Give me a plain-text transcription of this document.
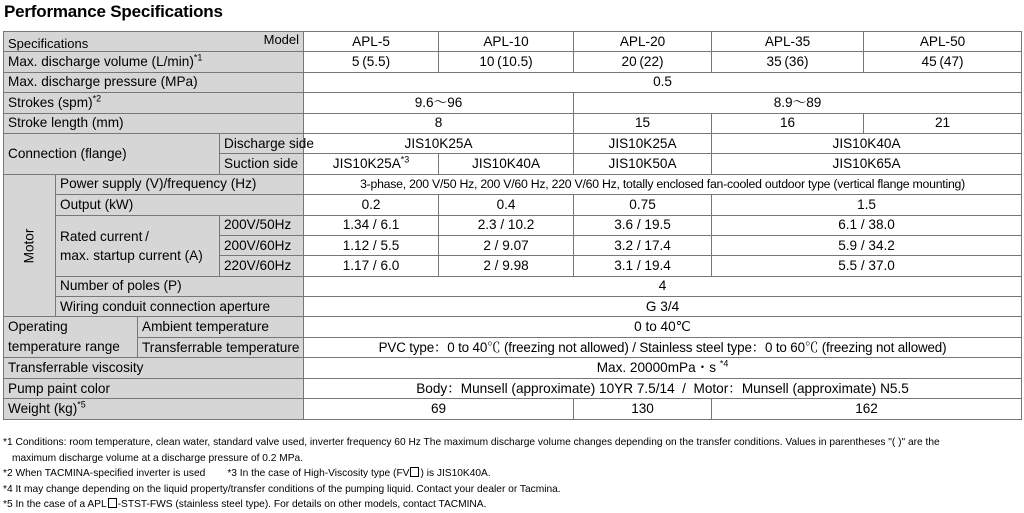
Performance Specifications
Specifications Model				APL-5	APL-10	APL-20	APL-35	APL-50
Max. discharge volume $(L/\min)^{*1}$				5 (5.5)	10 (10.5)	20 (22)	35 (36)	45 (47)
Max. discharge pressure (MPa)				0.5				
Strokes (spm)$^{*2}$				9.6～96		8.9～89		
Stroke length (mm)				8		15	16	21
Connection (flange)			Discharge side	JIS10K25A		JIS10K25A	JIS10K40A	
			Suction side	$JIS10K25A^{*3}$	JIS10K40A	JIS10K50A	JIS10K65A	
Motor	Power supply (V)/frequency (Hz)			3-phase, 200 V/50 Hz, 200 V/60 Hz, 220 V/60 Hz, totally enclosed fan-cooled outdoor type (vertical flange mounting)				
	Output (kW)			0.2	0.4	0.75	1.5	

	Rated current /
max. startup current (A)		200V/50Hz	1.34 / 6.1	2.3 / 10.2	3.6 / 19.5	6.1 / 38.0	
			200V/60Hz	1.12 / 5.5	2 / 9.07	3.2 / 17.4	5.9 / 34.2	
			220V/60Hz	1.17 / 6.0	2 / 9.98	3.1 / 19.4	5.5 / 37.0	
	Number of poles (P)			4				
	Wiring conduit connection aperture			G 3/4				

Operating
temperature range		Ambient temperature		0 to 40℃				
		Transferrable temperature		PVC type：0 to 40℃ (freezing not allowed) / Stainless steel type：0 to 60℃ (freezing not allowed)				
Transferrable viscosity				Max. 20000mPa・s $^{*4}$
Pump paint color				Body：Munsell (approximate) 10YR 7.5/14  /  Motor：Munsell (approximate) N5.5				
Weight (kg)$^{*5}$				69		130	162	
*1 Conditions: room temperature, clean water, standard valve used, inverter frequency 60 Hz The maximum discharge volume changes depending on the transfer conditions. Values in parentheses "( )" are the
maximum discharge volume at a discharge pressure of 0.2 MPa.
*2 When TACMINA-specified inverter is used *3 In the case of High-Viscosity type (FV ) is JIS10K40A.
*4 It may change depending on the liquid property/transfer conditions of the pumping liquid. Contact your dealer or Tacmina.
*5 In the case of a APL -STST-FWS (stainless steel type). For details on other models, contact TACMINA.
